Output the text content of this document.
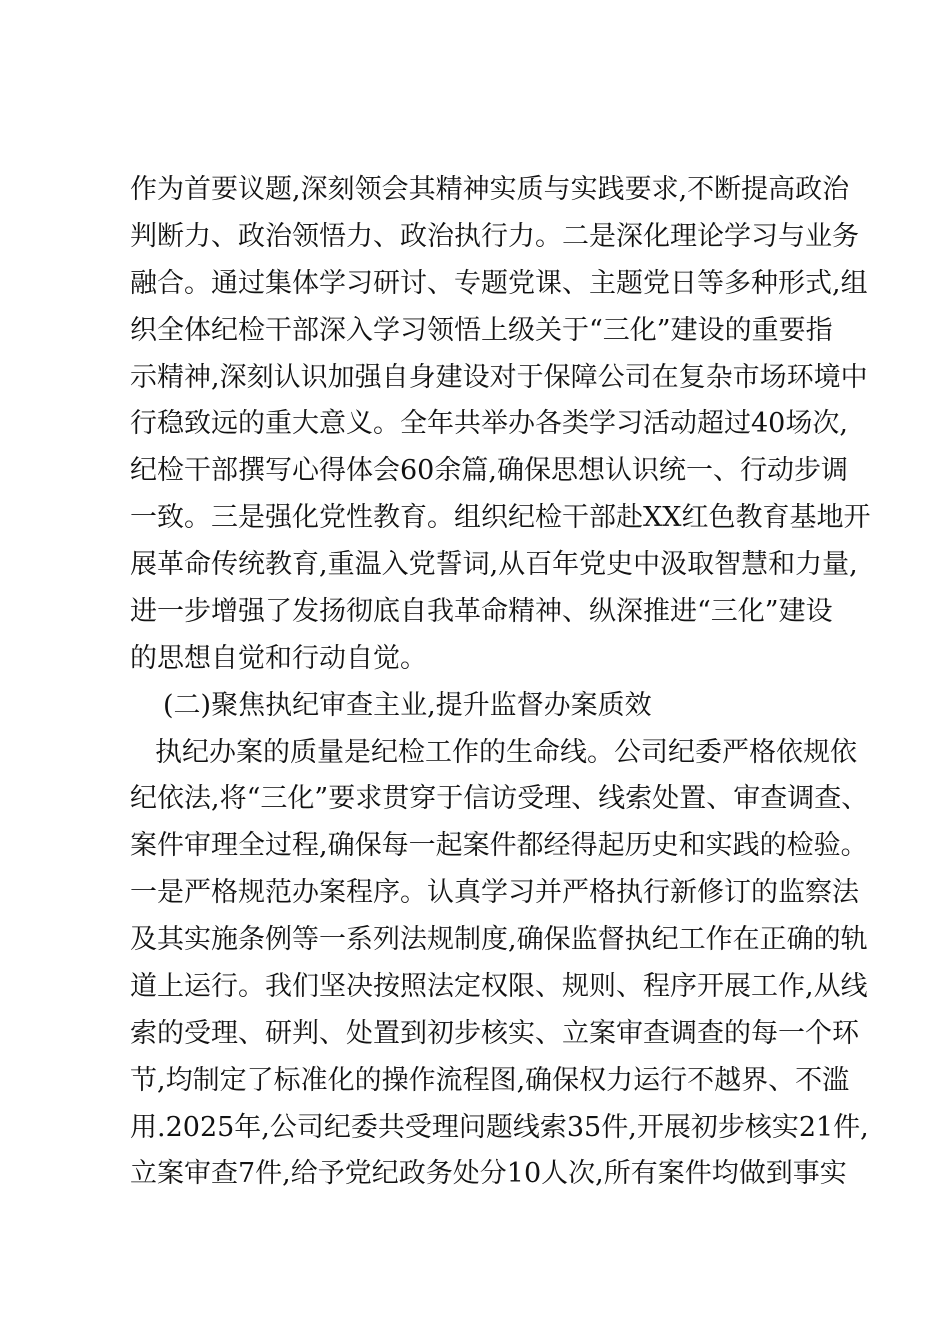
作为首要议题,深刻领会其精神实质与实践要求,不断提高政治
判断力、政治领悟力、政治执行力。二是深化理论学习与业务
融合。通过集体学习研讨、专题党课、主题党日等多种形式,组
织全体纪检干部深入学习领悟上级关于“三化”建设的重要指
示精神,深刻认识加强自身建设对于保障公司在复杂市场环境中
行稳致远的重大意义。全年共举办各类学习活动超过40场次,
纪检干部撰写心得体会60余篇,确保思想认识统一、行动步调
一致。三是强化党性教育。组织纪检干部赴XX红色教育基地开
展革命传统教育,重温入党誓词,从百年党史中汲取智慧和力量,
进一步增强了发扬彻底自我革命精神、纵深推进“三化”建设
的思想自觉和行动自觉。
(二)聚焦执纪审查主业,提升监督办案质效
执纪办案的质量是纪检工作的生命线。公司纪委严格依规依
纪依法,将“三化”要求贯穿于信访受理、线索处置、审查调查、
案件审理全过程,确保每一起案件都经得起历史和实践的检验。
一是严格规范办案程序。认真学习并严格执行新修订的监察法
及其实施条例等一系列法规制度,确保监督执纪工作在正确的轨
道上运行。我们坚决按照法定权限、规则、程序开展工作,从线
索的受理、研判、处置到初步核实、立案审查调查的每一个环
节,均制定了标准化的操作流程图,确保权力运行不越界、不滥
用.2025年,公司纪委共受理问题线索35件,开展初步核实21件,
立案审查7件,给予党纪政务处分10人次,所有案件均做到事实
